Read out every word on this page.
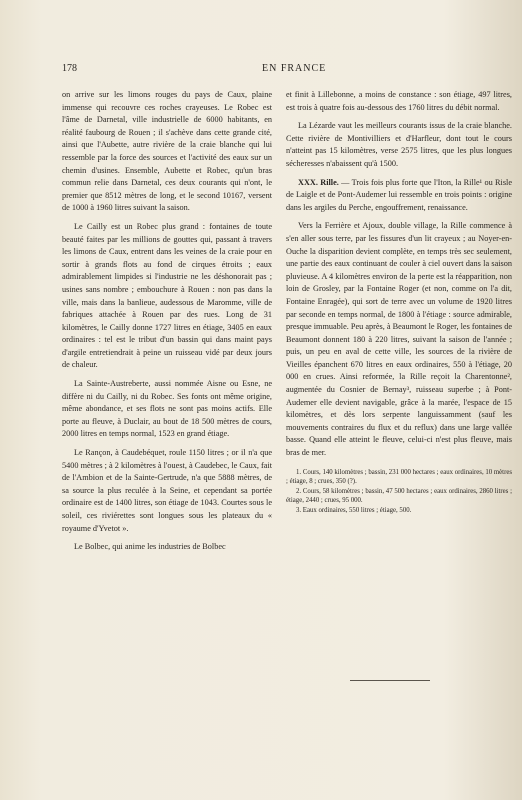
178	EN FRANCE

on arrive sur les limons rouges du pays de Caux, plaine immense qui recouvre ces roches crayeuses. Le Robec est l'âme de Darnetal, ville industrielle de 6000 habitants, en réalité faubourg de Rouen ; il s'achève dans cette grande cité, ainsi que l'Aubette, autre rivière de la craie blanche qui lui ressemble par la force des sources et l'activité des eaux sur un chemin d'usines. Ensemble, Aubette et Robec, qu'un bras commun relie dans Darnetal, ces deux courants qui n'ont, le premier que 8512 mètres de long, et le second 10167, versent de 1000 à 1960 litres suivant la saison.

Le Cailly est un Robec plus grand : fontaines de toute beauté faites par les millions de gouttes qui, passant à travers les limons de Caux, entrent dans les veines de la craie pour en sortir à grands flots au fond de cirques étroits ; eaux admirablement limpides si l'industrie ne les déshonorait pas ; usines sans nombre ; embouchure à Rouen : non pas dans la ville, mais dans la banlieue, audessous de Maromme, ville de fabriques attachée à Rouen par des rues. Long de 31 kilomètres, le Cailly donne 1727 litres en étiage, 3405 en eaux ordinaires : tel est le tribut d'un bassin qui dans maint pays d'argile entretiendrait à peine un ruisseau vidé par deux jours de chaleur.

La Sainte-Austreberte, aussi nommée Aisne ou Esne, ne diffère ni du Cailly, ni du Robec. Ses fonts ont même origine, même abondance, et ses flots ne sont pas moins actifs. Elle porte au fleuve, à Duclair, au bout de 18 500 mètres de cours, 2000 litres en temps normal, 1523 en grand étiage.

Le Rançon, à Caudebéquet, roule 1150 litres ; or il n'a que 5400 mètres ; à 2 kilomètres à l'ouest, à Caudebec, le Caux, fait de l'Ambion et de la Sainte-Gertrude, n'a que 5888 mètres, de sa source la plus reculée à la Seine, et cependant sa portée ordinaire est de 1400 litres, son étiage de 1043. Courtes sous le soleil, ces riviérettes sont longues sous les plateaux du « royaume d'Yvetot ».

Le Bolbec, qui anime les industries de Bolbec

et finit à Lillebonne, a moins de constance : son étiage, 497 litres, est trois à quatre fois au-dessous des 1760 litres du débit normal.

La Lézarde vaut les meilleurs courants issus de la craie blanche. Cette rivière de Montivilliers et d'Harfleur, dont tout le cours n'atteint pas 15 kilomètres, verse 2575 litres, que les plus longues sécheresses n'abaissent qu'à 1500.

XXX. Rille. — Trois fois plus forte que l'Iton, la Rille¹ ou Risle de Laigle et de Pont-Audemer lui ressemble en trois points : origine dans les argiles du Perche, engouffrement, renaissance.

Vers la Ferrière et Ajoux, double village, la Rille commence à s'en aller sous terre, par les fissures d'un lit crayeux ; au Noyer-en-Ouche la disparition devient complète, en temps très sec seulement, une partie des eaux continuant de couler à ciel ouvert dans la saison pluvieuse. A 4 kilomètres environ de la perte est la réapparition, non loin de Grosley, par la Fontaine Roger (et non, comme on l'a dit, Fontaine Enragée), qui sort de terre avec un volume de 1920 litres par seconde en temps normal, de 1800 à l'étiage : source admirable, presque immuable. Peu après, à Beaumont le Roger, les fontaines de Beaumont donnent 180 à 220 litres, suivant la saison de l'année ; puis, un peu en aval de cette ville, les sources de la rivière de Vieilles épanchent 670 litres en eaux ordinaires, 550 à l'étiage, 20 000 en crues. Ainsi reformée, la Rille reçoit la Charentonne², augmentée du Cosnier de Bernay³, ruisseau superbe ; à Pont-Audemer elle devient navigable, grâce à la marée, l'espace de 15 kilomètres, et dès lors serpente languissamment (sauf les mouvements contraires du flux et du reflux) dans une large vallée basse. Quand elle atteint le fleuve, celui-ci n'est plus fleuve, mais bras de mer.

1. Cours, 140 kilomètres ; bassin, 231 000 hectares ; eaux ordinaires, 10 mètres ; étiage, 8 ; crues, 350 (?).

2. Cours, 58 kilomètres ; bassin, 47 500 hectares ; eaux ordinaires, 2860 litres ; étiage, 2440 ; crues, 95 000.

3. Eaux ordinaires, 550 litres ; étiage, 500.
